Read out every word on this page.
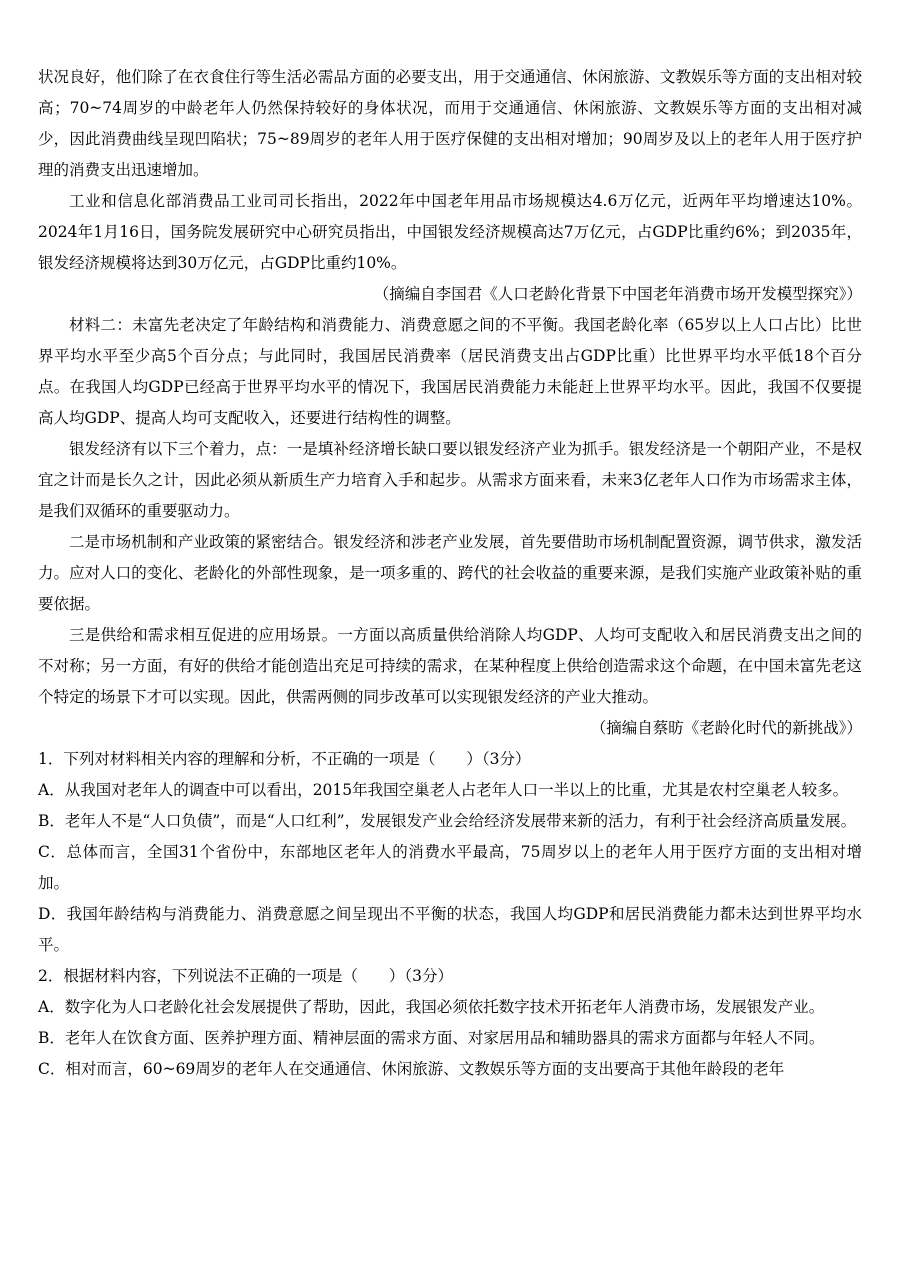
状况良好，他们除了在衣食住行等生活必需品方面的必要支出，用于交通通信、休闲旅游、文教娱乐等方面的支出相对较高；70~74周岁的中龄老年人仍然保持较好的身体状况，而用于交通通信、休闲旅游、文教娱乐等方面的支出相对减少，因此消费曲线呈现凹陷状；75~89周岁的老年人用于医疗保健的支出相对增加；90周岁及以上的老年人用于医疗护理的消费支出迅速增加。

工业和信息化部消费品工业司司长指出，2022年中国老年用品市场规模达4.6万亿元，近两年平均增速达10%。2024年1月16日，国务院发展研究中心研究员指出，中国银发经济规模高达7万亿元，占GDP比重约6%；到2035年，银发经济规模将达到30万亿元，占GDP比重约10%。

（摘编自李国君《人口老龄化背景下中国老年消费市场开发模型探究》）

材料二：未富先老决定了年龄结构和消费能力、消费意愿之间的不平衡。我国老龄化率（65岁以上人口占比）比世界平均水平至少高5个百分点；与此同时，我国居民消费率（居民消费支出占GDP比重）比世界平均水平低18个百分点。在我国人均GDP已经高于世界平均水平的情况下，我国居民消费能力未能赶上世界平均水平。因此，我国不仅要提高人均GDP、提高人均可支配收入，还要进行结构性的调整。

银发经济有以下三个着力，点：一是填补经济增长缺口要以银发经济产业为抓手。银发经济是一个朝阳产业，不是权宜之计而是长久之计，因此必须从新质生产力培育入手和起步。从需求方面来看，未来3亿老年人口作为市场需求主体，是我们双循环的重要驱动力。

二是市场机制和产业政策的紧密结合。银发经济和涉老产业发展，首先要借助市场机制配置资源，调节供求，激发活力。应对人口的变化、老龄化的外部性现象，是一项多重的、跨代的社会收益的重要来源，是我们实施产业政策补贴的重要依据。

三是供给和需求相互促进的应用场景。一方面以高质量供给消除人均GDP、人均可支配收入和居民消费支出之间的不对称；另一方面，有好的供给才能创造出充足可持续的需求，在某种程度上供给创造需求这个命题，在中国未富先老这个特定的场景下才可以实现。因此，供需两侧的同步改革可以实现银发经济的产业大推动。

（摘编自蔡昉《老龄化时代的新挑战》）

1．下列对材料相关内容的理解和分析，不正确的一项是（　　）（3分）

A．从我国对老年人的调查中可以看出，2015年我国空巢老人占老年人口一半以上的比重，尤其是农村空巢老人较多。

B．老年人不是“人口负债”，而是“人口红利”，发展银发产业会给经济发展带来新的活力，有利于社会经济高质量发展。

C．总体而言，全国31个省份中，东部地区老年人的消费水平最高，75周岁以上的老年人用于医疗方面的支出相对增加。

D．我国年龄结构与消费能力、消费意愿之间呈现出不平衡的状态，我国人均GDP和居民消费能力都未达到世界平均水平。

2．根据材料内容，下列说法不正确的一项是（　　）（3分）

A．数字化为人口老龄化社会发展提供了帮助，因此，我国必须依托数字技术开拓老年人消费市场，发展银发产业。

B．老年人在饮食方面、医养护理方面、精神层面的需求方面、对家居用品和辅助器具的需求方面都与年轻人不同。

C．相对而言，60~69周岁的老年人在交通通信、休闲旅游、文教娱乐等方面的支出要高于其他年龄段的老年
